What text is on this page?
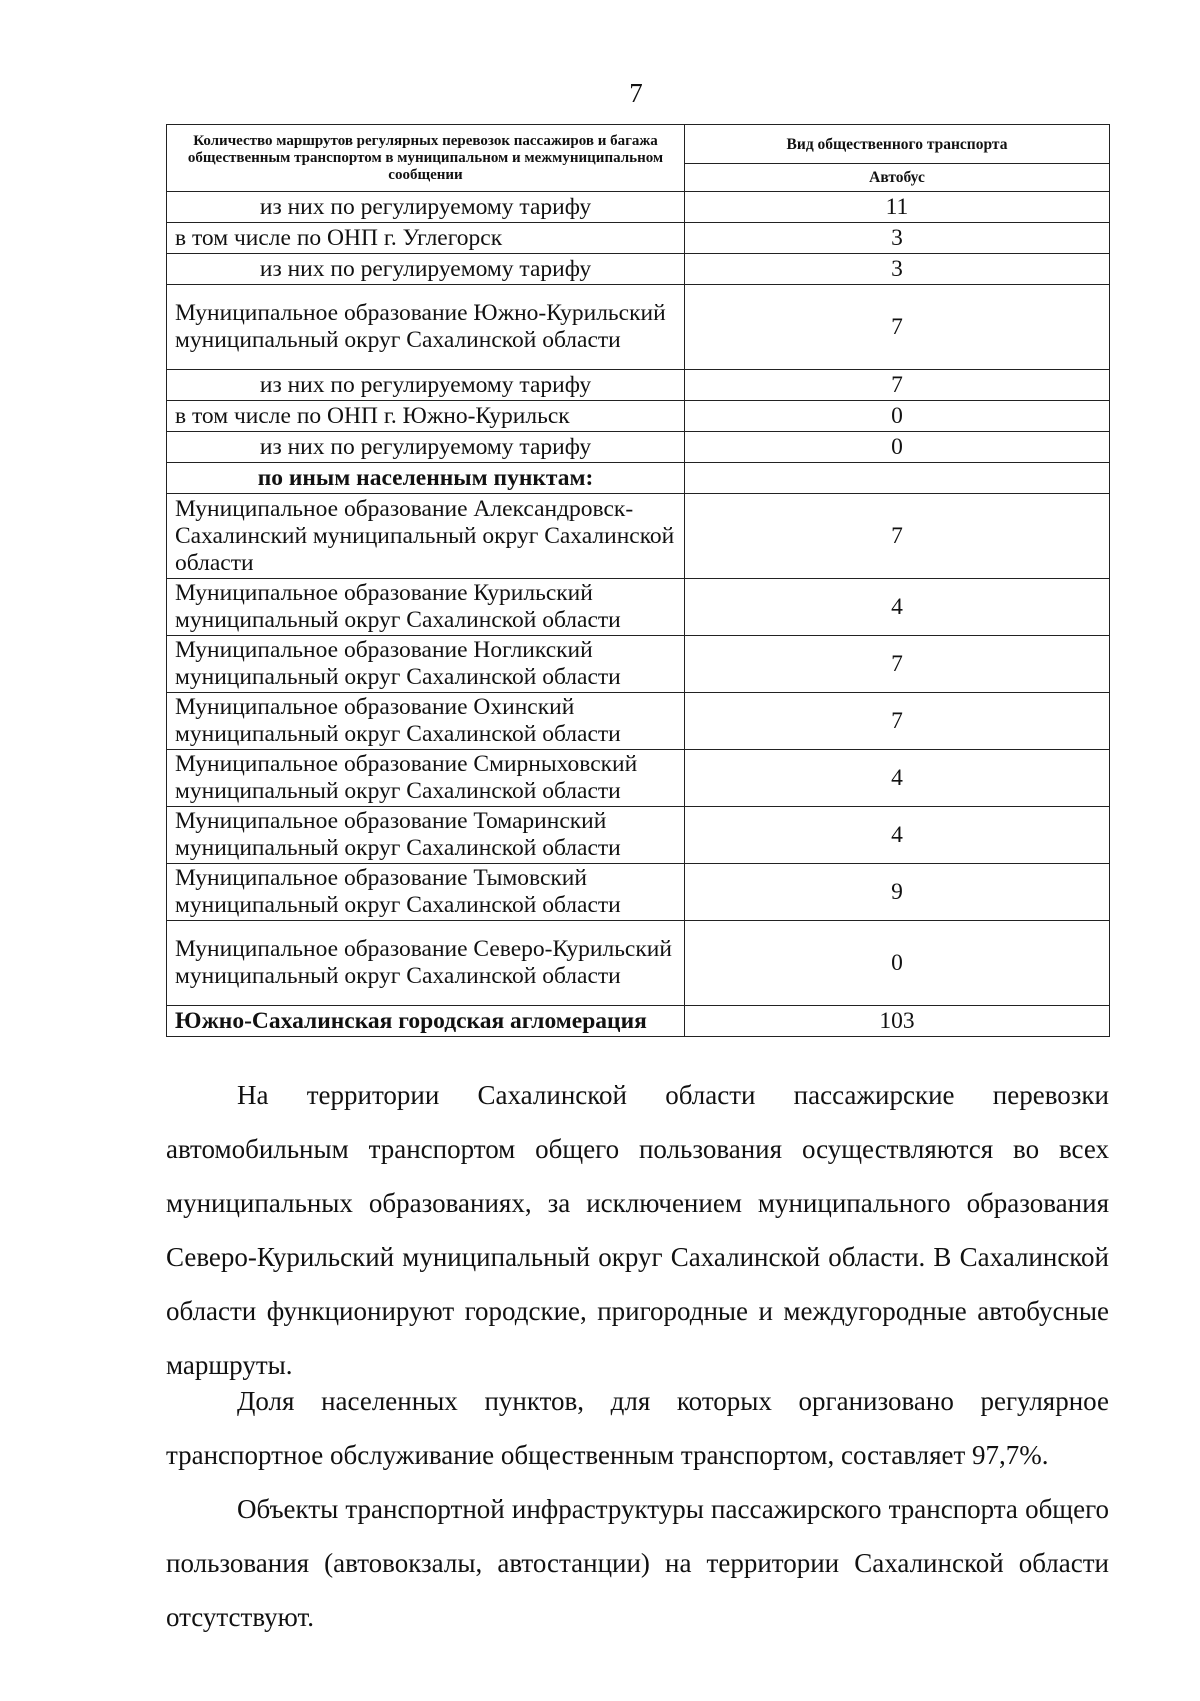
7
Количество маршрутов регулярных перевозок пассажиров и багажа общественным транспортом в муниципальном и межмуниципальном сообщении	Вид общественного транспорта
	Автобус
из них по регулируемому тарифу	11
в том числе по ОНП г. Углегорск	3
из них по регулируемому тарифу	3
Муниципальное образование Южно-Курильский муниципальный округ Сахалинской области	7
из них по регулируемому тарифу	7
в том числе по ОНП г. Южно-Курильск	0
из них по регулируемому тарифу	0
по иным населенным пунктам:	
Муниципальное образование Александровск-Сахалинский муниципальный округ Сахалинской области	7
Муниципальное образование Курильский муниципальный округ Сахалинской области	4
Муниципальное образование Ногликский муниципальный округ Сахалинской области	7
Муниципальное образование Охинский муниципальный округ Сахалинской области	7
Муниципальное образование Смирныховский муниципальный округ Сахалинской области	4
Муниципальное образование Томаринский муниципальный округ Сахалинской области	4
Муниципальное образование Тымовский муниципальный округ Сахалинской области	9
Муниципальное образование Северо-Курильский муниципальный округ Сахалинской области	0
Южно-Сахалинская городская агломерация	103

На территории Сахалинской области пассажирские перевозки автомобильным транспортом общего пользования осуществляются во всех муниципальных образованиях, за исключением муниципального образования Северо-Курильский муниципальный округ Сахалинской области. В Сахалинской области функционируют городские, пригородные и междугородные автобусные маршруты.

Доля населенных пунктов, для которых организовано регулярное транспортное обслуживание общественным транспортом, составляет 97,7%.

Объекты транспортной инфраструктуры пассажирского транспорта общего пользования (автовокзалы, автостанции) на территории Сахалинской области отсутствуют.
